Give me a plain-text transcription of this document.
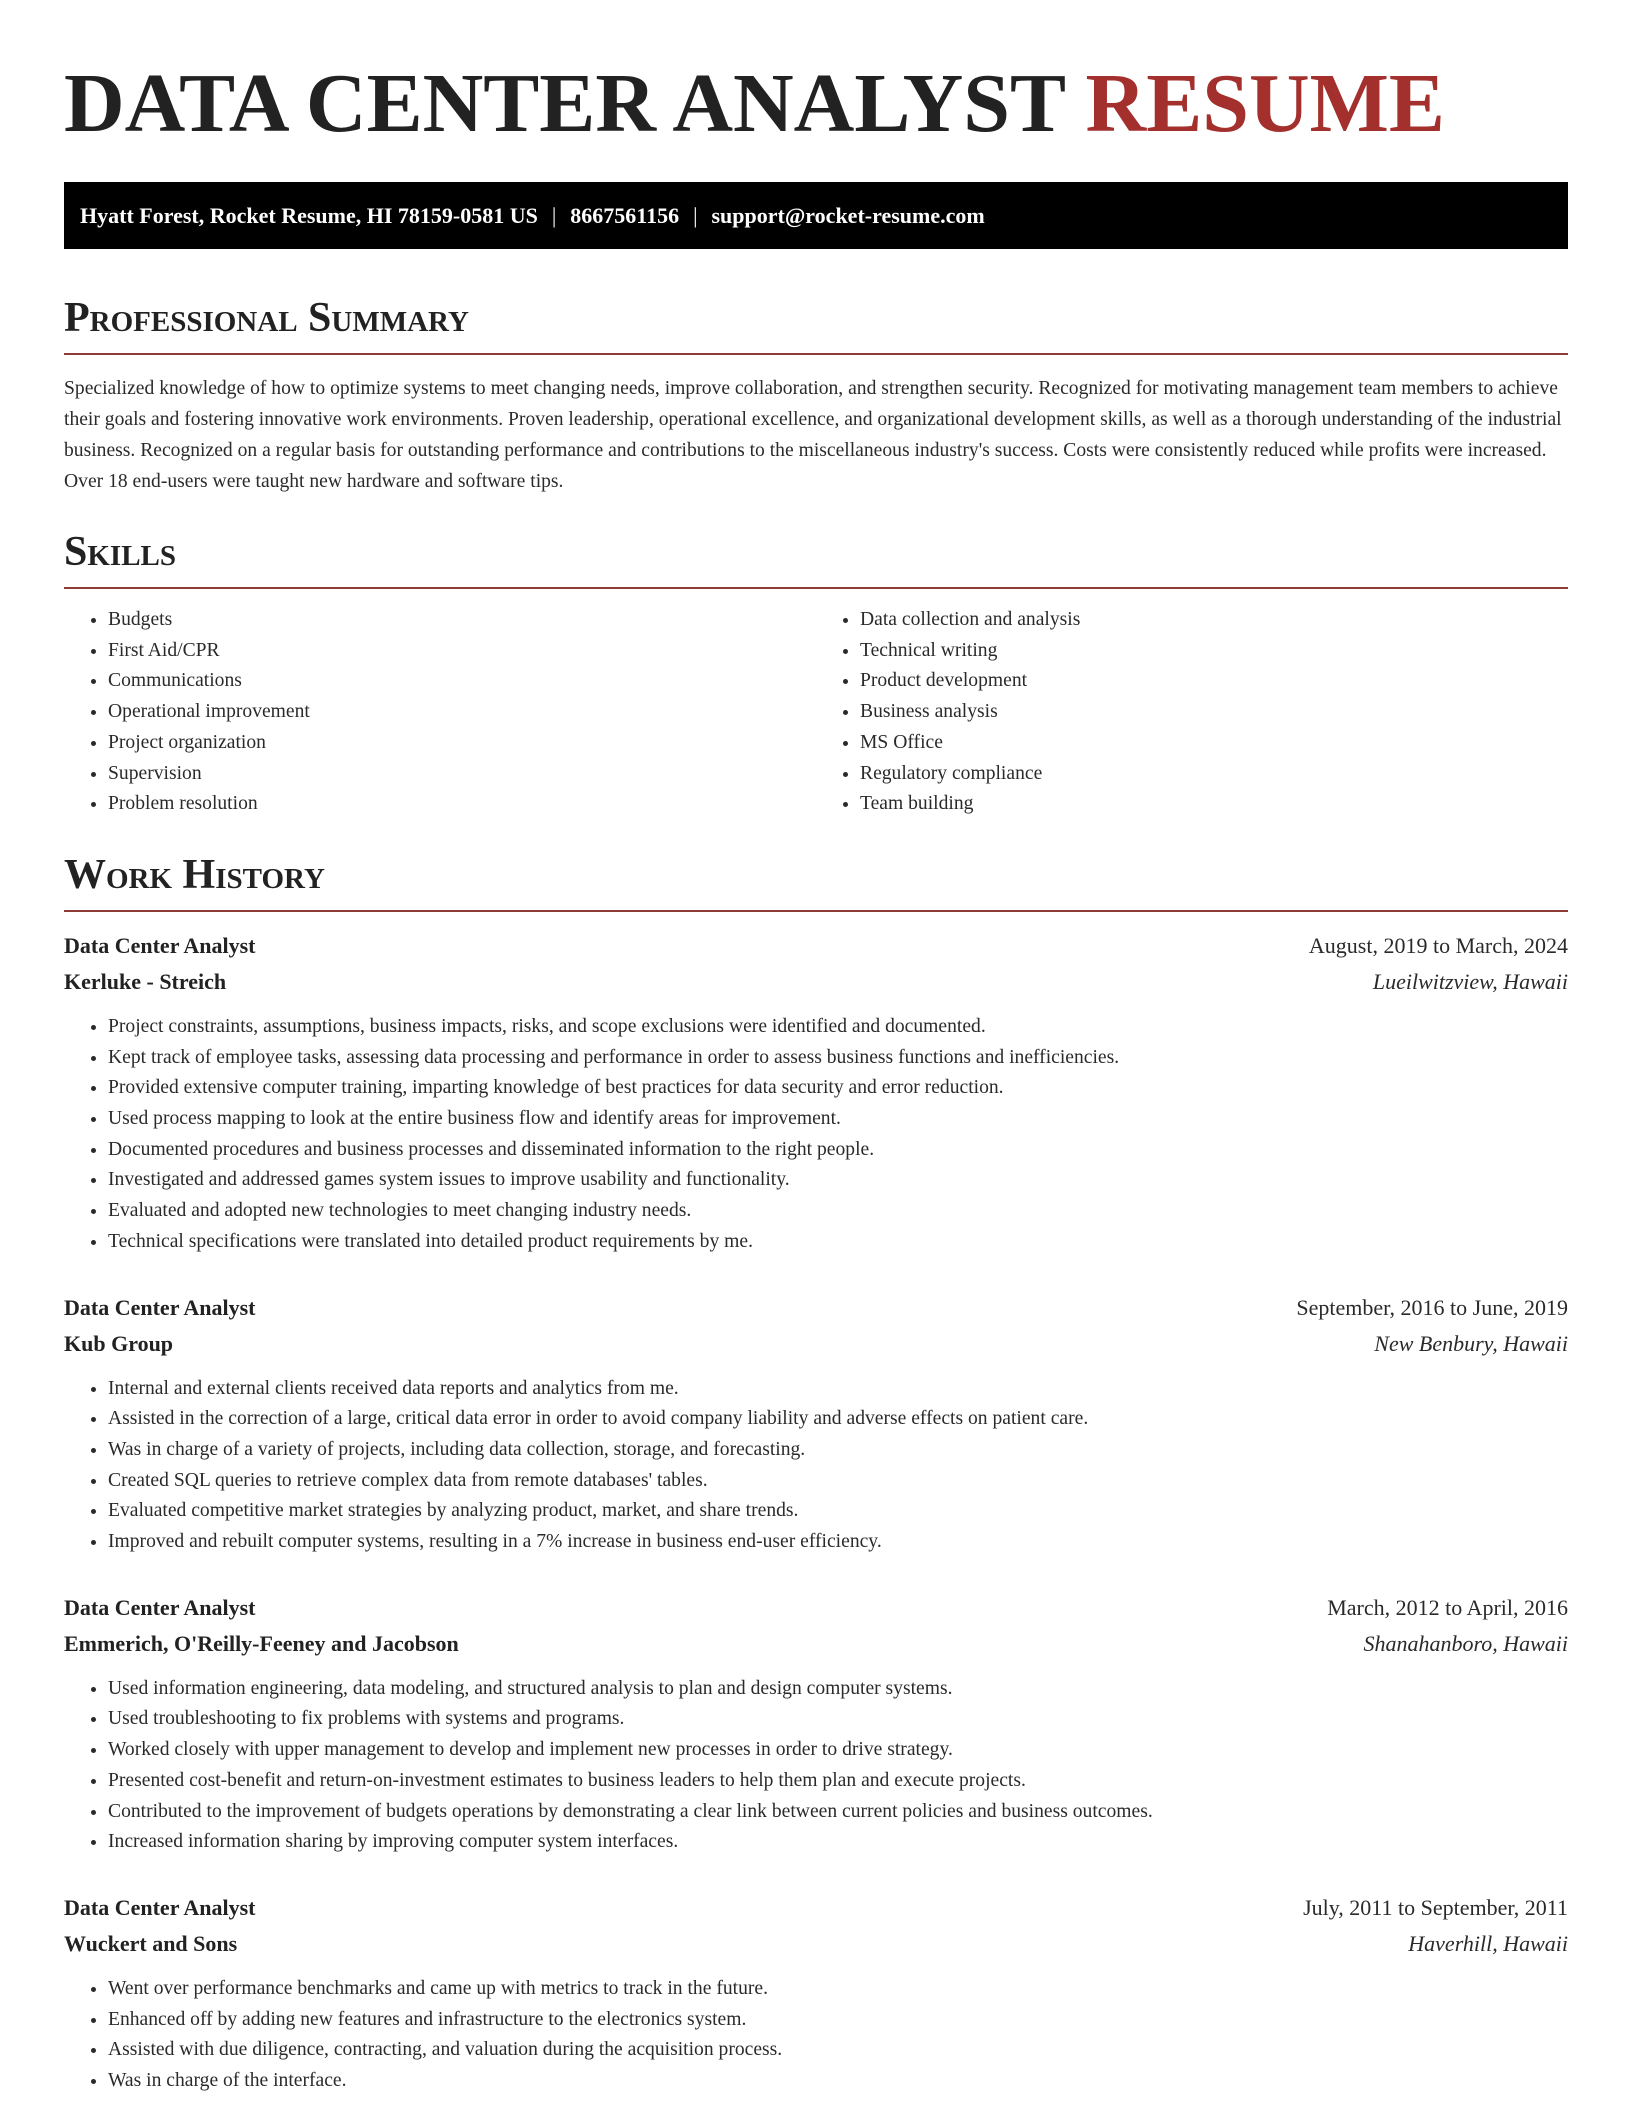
DATA CENTER ANALYST RESUME
Hyatt Forest, Rocket Resume, HI 78159-0581 US | 8667561156 | support@rocket-resume.com
Professional Summary

Specialized knowledge of how to optimize systems to meet changing needs, improve collaboration, and strengthen security. Recognized for motivating management team members to achieve their goals and fostering innovative work environments. Proven leadership, operational excellence, and organizational development skills, as well as a thorough understanding of the industrial business. Recognized on a regular basis for outstanding performance and contributions to the miscellaneous industry's success. Costs were consistently reduced while profits were increased. Over 18 end-users were taught new hardware and software tips.

Skills
• Budgets
• First Aid/CPR
• Communications
• Operational improvement
• Project organization
• Supervision
• Problem resolution
• Data collection and analysis
• Technical writing
• Product development
• Business analysis
• MS Office
• Regulatory compliance
• Team building
Work History
Data Center Analyst	August, 2019 to March, 2024
Kerluke - Streich	Lueilwitzview, Hawaii
• Project constraints, assumptions, business impacts, risks, and scope exclusions were identified and documented.
• Kept track of employee tasks, assessing data processing and performance in order to assess business functions and inefficiencies.
• Provided extensive computer training, imparting knowledge of best practices for data security and error reduction.
• Used process mapping to look at the entire business flow and identify areas for improvement.
• Documented procedures and business processes and disseminated information to the right people.
• Investigated and addressed games system issues to improve usability and functionality.
• Evaluated and adopted new technologies to meet changing industry needs.
• Technical specifications were translated into detailed product requirements by me.
Data Center Analyst	September, 2016 to June, 2019
Kub Group	New Benbury, Hawaii
• Internal and external clients received data reports and analytics from me.
• Assisted in the correction of a large, critical data error in order to avoid company liability and adverse effects on patient care.
• Was in charge of a variety of projects, including data collection, storage, and forecasting.
• Created SQL queries to retrieve complex data from remote databases' tables.
• Evaluated competitive market strategies by analyzing product, market, and share trends.
• Improved and rebuilt computer systems, resulting in a 7% increase in business end-user efficiency.
Data Center Analyst	March, 2012 to April, 2016
Emmerich, O'Reilly-Feeney and Jacobson	Shanahanboro, Hawaii
• Used information engineering, data modeling, and structured analysis to plan and design computer systems.
• Used troubleshooting to fix problems with systems and programs.
• Worked closely with upper management to develop and implement new processes in order to drive strategy.
• Presented cost-benefit and return-on-investment estimates to business leaders to help them plan and execute projects.
• Contributed to the improvement of budgets operations by demonstrating a clear link between current policies and business outcomes.
• Increased information sharing by improving computer system interfaces.
Data Center Analyst	July, 2011 to September, 2011
Wuckert and Sons	Haverhill, Hawaii
• Went over performance benchmarks and came up with metrics to track in the future.
• Enhanced off by adding new features and infrastructure to the electronics system.
• Assisted with due diligence, contracting, and valuation during the acquisition process.
• Was in charge of the interface.
